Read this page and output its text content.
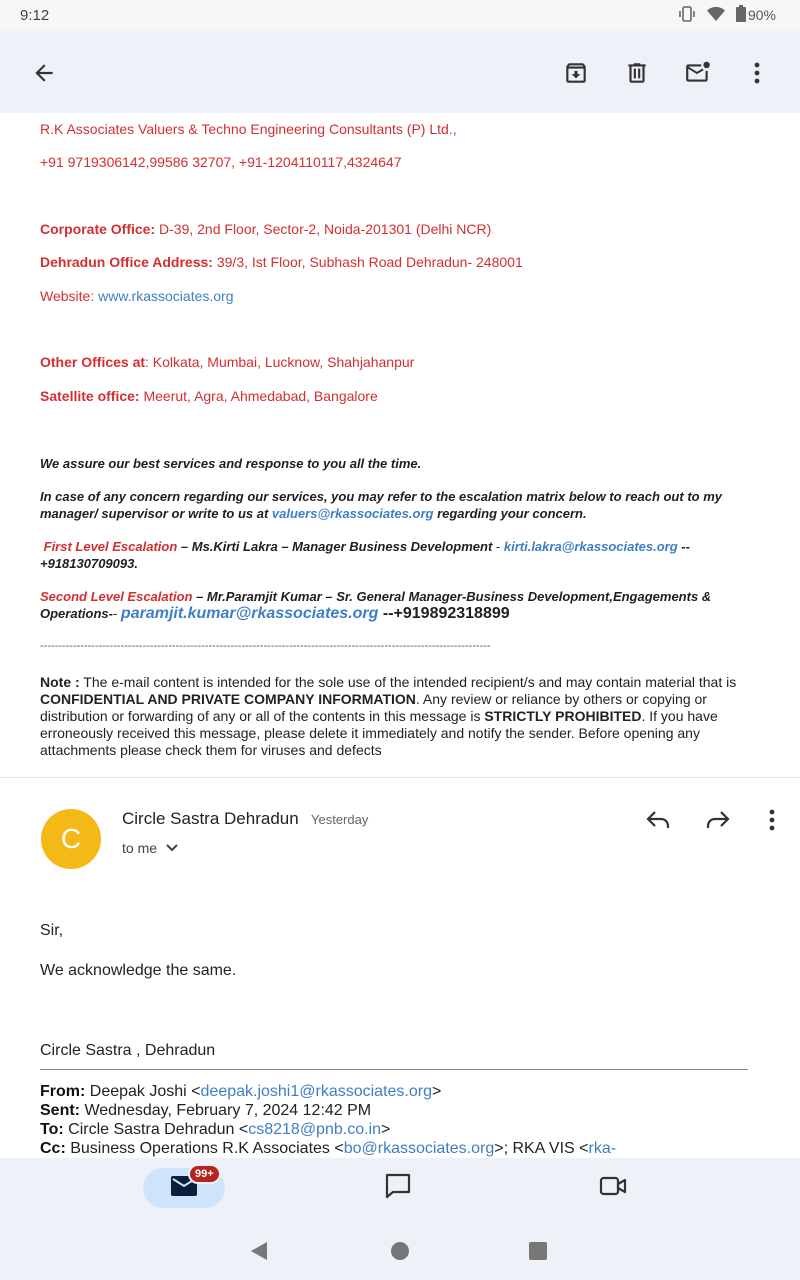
9:12	90%
R.K Associates Valuers & Techno Engineering Consultants (P) Ltd.,
+91 9719306142,99586 32707, +91-1204110117,4324647
Corporate Office: D-39, 2nd Floor, Sector-2, Noida-201301 (Delhi NCR)
Dehradun Office Address: 39/3, Ist Floor, Subhash Road Dehradun- 248001
Website: www.rkassociates.org
Other Offices at: Kolkata, Mumbai, Lucknow, Shahjahanpur
Satellite office: Meerut, Agra, Ahmedabad, Bangalore
We assure our best services and response to you all the time.
In case of any concern regarding our services, you may refer to the escalation matrix below to reach out to my manager/ supervisor or write to us at valuers@rkassociates.org regarding your concern.
First Level Escalation – Ms.Kirti Lakra – Manager Business Development - kirti.lakra@rkassociates.org --+918130709093.
Second Level Escalation – Mr.Paramjit Kumar – Sr. General Manager-Business Development,Engagements & Operations-- paramjit.kumar@rkassociates.org --+919892318899
---------------------------------------------------------------------------------------------------------------------------
Note : The e-mail content is intended for the sole use of the intended recipient/s and may contain material that is CONFIDENTIAL AND PRIVATE COMPANY INFORMATION. Any review or reliance by others or copying or distribution or forwarding of any or all of the contents in this message is STRICTLY PROHIBITED. If you have erroneously received this message, please delete it immediately and notify the sender. Before opening any attachments please check them for viruses and defects
C
Circle Sastra Dehradun Yesterday
to me
Sir,
We acknowledge the same.
Circle Sastra , Dehradun
From: Deepak Joshi <deepak.joshi1@rkassociates.org>
Sent: Wednesday, February 7, 2024 12:42 PM
To: Circle Sastra Dehradun <cs8218@pnb.co.in>
Cc: Business Operations R.K Associates <bo@rkassociates.org>; RKA VIS <rka-
99+
